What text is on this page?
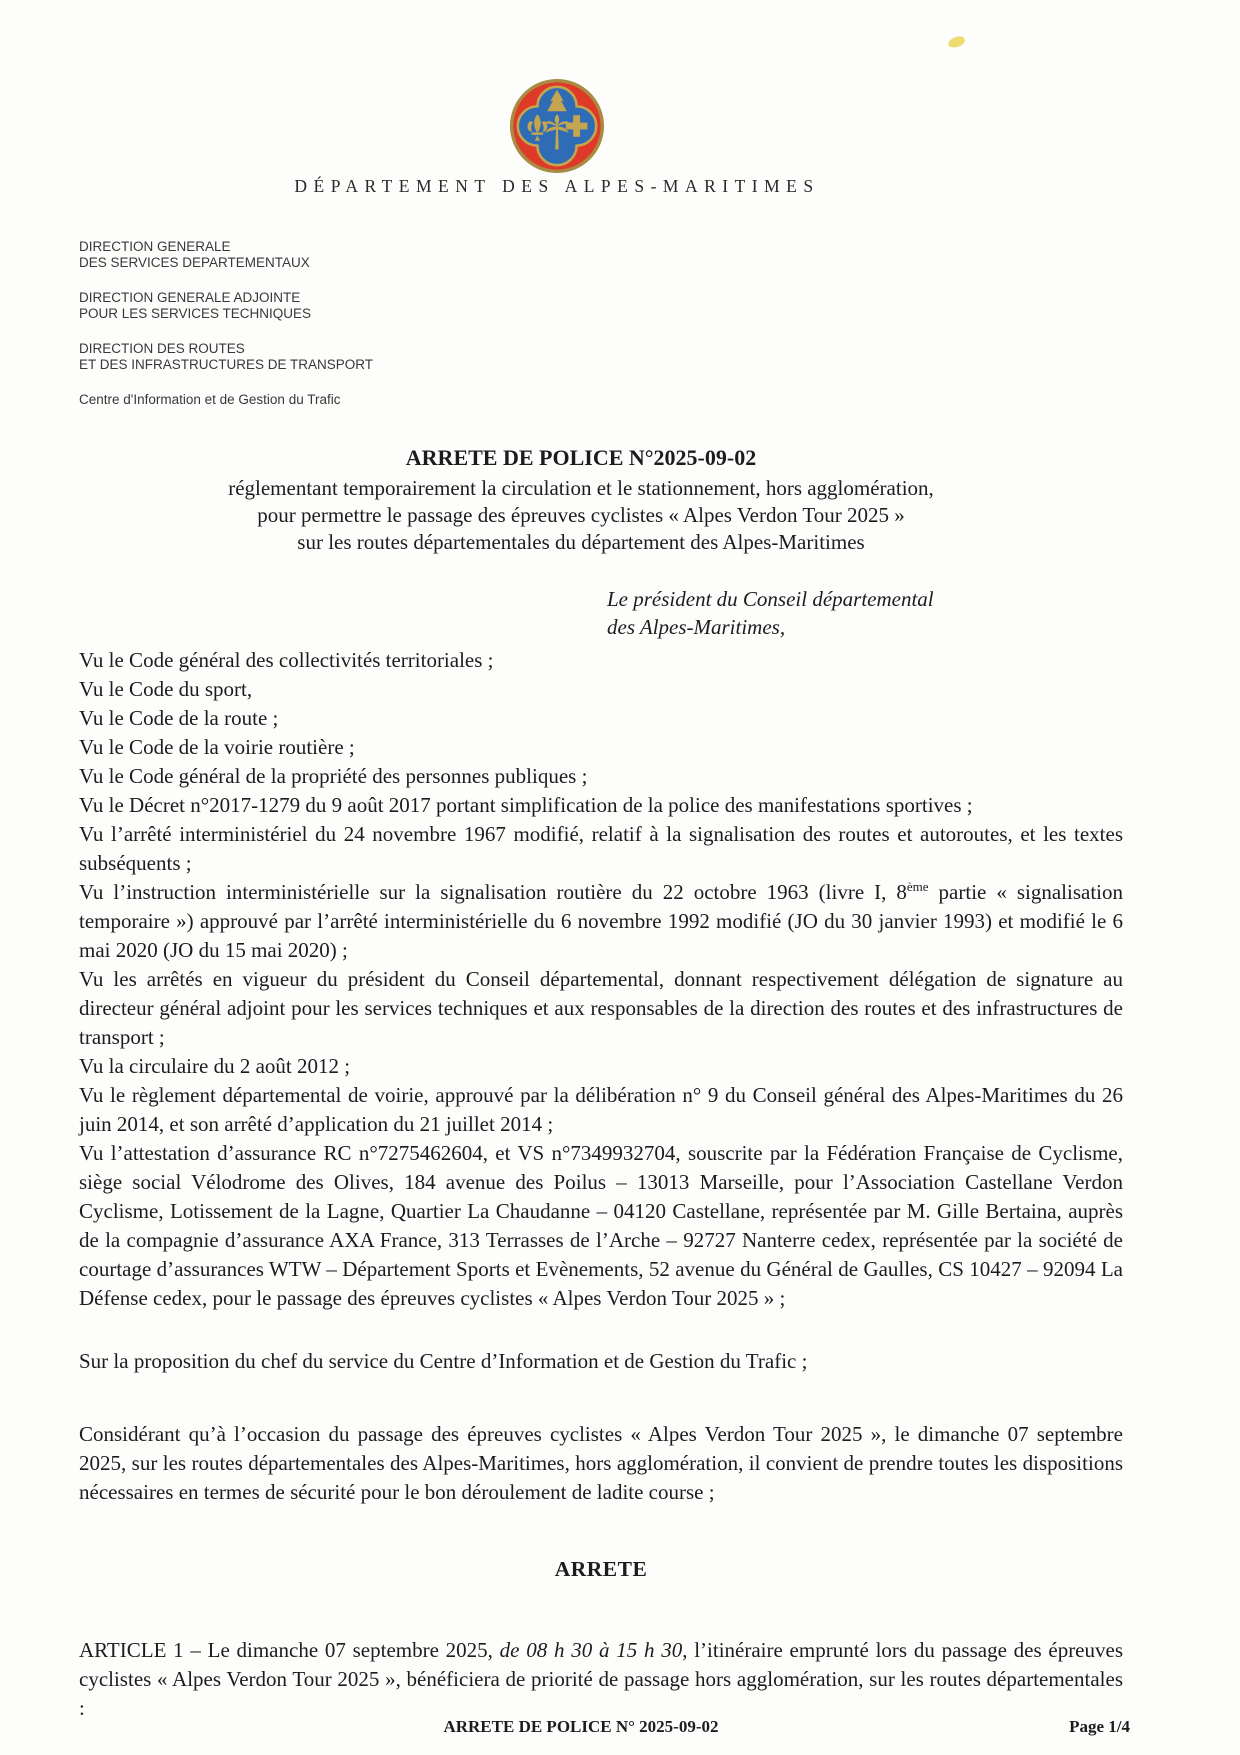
DÉPARTEMENT DES ALPES-MARITIMES
DIRECTION GENERALE
DES SERVICES DEPARTEMENTAUX
DIRECTION GENERALE ADJOINTE
POUR LES SERVICES TECHNIQUES
DIRECTION DES ROUTES
ET DES INFRASTRUCTURES DE TRANSPORT
Centre d'Information et de Gestion du Trafic
ARRETE DE POLICE N°2025-09-02
réglementant temporairement la circulation et le stationnement, hors agglomération,
pour permettre le passage des épreuves cyclistes « Alpes Verdon Tour 2025 »
sur les routes départementales du département des Alpes-Maritimes
Le président du Conseil départemental
des Alpes-Maritimes,

Vu le Code général des collectivités territoriales ;

Vu le Code du sport,

Vu le Code de la route ;

Vu le Code de la voirie routière ;

Vu le Code général de la propriété des personnes publiques ;

Vu le Décret n°2017-1279 du 9 août 2017 portant simplification de la police des manifestations sportives ;

Vu l’arrêté interministériel du 24 novembre 1967 modifié, relatif à la signalisation des routes et autoroutes, et les textes subséquents ;

Vu l’instruction interministérielle sur la signalisation routière du 22 octobre 1963 (livre I, 8ème partie « signalisation temporaire ») approuvé par l’arrêté interministérielle du 6 novembre 1992 modifié (JO du 30 janvier 1993) et modifié le 6 mai 2020 (JO du 15 mai 2020) ;

Vu les arrêtés en vigueur du président du Conseil départemental, donnant respectivement délégation de signature au directeur général adjoint pour les services techniques et aux responsables de la direction des routes et des infrastructures de transport ;

Vu la circulaire du 2 août 2012 ;

Vu le règlement départemental de voirie, approuvé par la délibération n° 9 du Conseil général des Alpes-Maritimes du 26 juin 2014, et son arrêté d’application du 21 juillet 2014 ;

Vu l’attestation d’assurance RC n°7275462604, et VS n°7349932704, souscrite par la Fédération Française de Cyclisme, siège social Vélodrome des Olives, 184 avenue des Poilus – 13013 Marseille, pour l’Association Castellane Verdon Cyclisme, Lotissement de la Lagne, Quartier La Chaudanne – 04120 Castellane, représentée par M. Gille Bertaina, auprès de la compagnie d’assurance AXA France, 313 Terrasses de l’Arche – 92727 Nanterre cedex, représentée par la société de courtage d’assurances WTW – Département Sports et Evènements, 52 avenue du Général de Gaulles, CS 10427 – 92094 La Défense cedex, pour le passage des épreuves cyclistes « Alpes Verdon Tour 2025 » ;

Sur la proposition du chef du service du Centre d’Information et de Gestion du Trafic ;

Considérant qu’à l’occasion du passage des épreuves cyclistes « Alpes Verdon Tour 2025 », le dimanche 07 septembre 2025, sur les routes départementales des Alpes-Maritimes, hors agglomération, il convient de prendre toutes les dispositions nécessaires en termes de sécurité pour le bon déroulement de ladite course ;

ARRETE

ARTICLE 1 – Le dimanche 07 septembre 2025, de 08 h 30 à 15 h 30, l’itinéraire emprunté lors du passage des épreuves cyclistes « Alpes Verdon Tour 2025 », bénéficiera de priorité de passage hors agglomération, sur les routes départementales :

ARRETE DE POLICE N° 2025-09-02	Page 1/4
